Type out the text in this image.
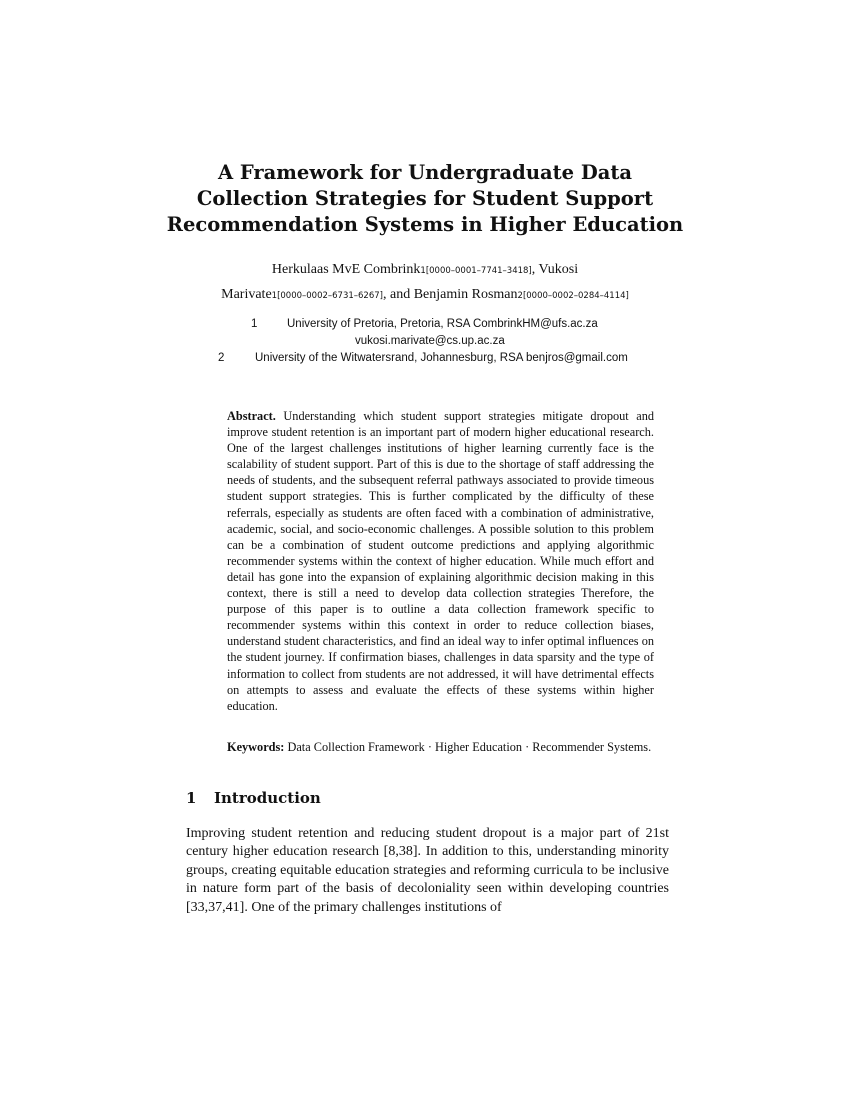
A Framework for Undergraduate Data
Collection Strategies for Student Support
Recommendation Systems in Higher Education
Herkulaas MvE Combrink1[0000–0001–7741–3418], Vukosi
Marivate1[0000–0002–6731–6267], and Benjamin Rosman2[0000–0002–0284–4114]
1	University of Pretoria, Pretoria, RSA CombrinkHM@ufs.ac.za
vukosi.marivate@cs.up.ac.za
2	University of the Witwatersrand, Johannesburg, RSA benjros@gmail.com

Abstract. Understanding which student support strategies mitigate dropout and improve student retention is an important part of modern higher educational research. One of the largest challenges institutions of higher learning currently face is the scalability of student support. Part of this is due to the shortage of staff addressing the needs of students, and the subsequent referral pathways associated to provide timeous student support strategies. This is further complicated by the difficulty of these referrals, especially as students are often faced with a combination of administrative, academic, social, and socio-economic challenges. A possible solution to this problem can be a combination of student outcome predictions and applying algorithmic recommender systems within the context of higher education. While much effort and detail has gone into the expansion of explaining algorithmic decision making in this context, there is still a need to develop data collection strategies Therefore, the purpose of this paper is to outline a data collection framework specific to recommender systems within this context in order to reduce collection biases, understand student characteristics, and find an ideal way to infer optimal influences on the student journey. If confirmation biases, challenges in data sparsity and the type of information to collect from students are not addressed, it will have detrimental effects on attempts to assess and evaluate the effects of these systems within higher education.

Keywords: Data Collection Framework · Higher Education · Recommender Systems.
1 Introduction

Improving student retention and reducing student dropout is a major part of 21st century higher education research [8,38]. In addition to this, understanding minority groups, creating equitable education strategies and reforming curricula to be inclusive in nature form part of the basis of decoloniality seen within developing countries [33,37,41]. One of the primary challenges institutions of
